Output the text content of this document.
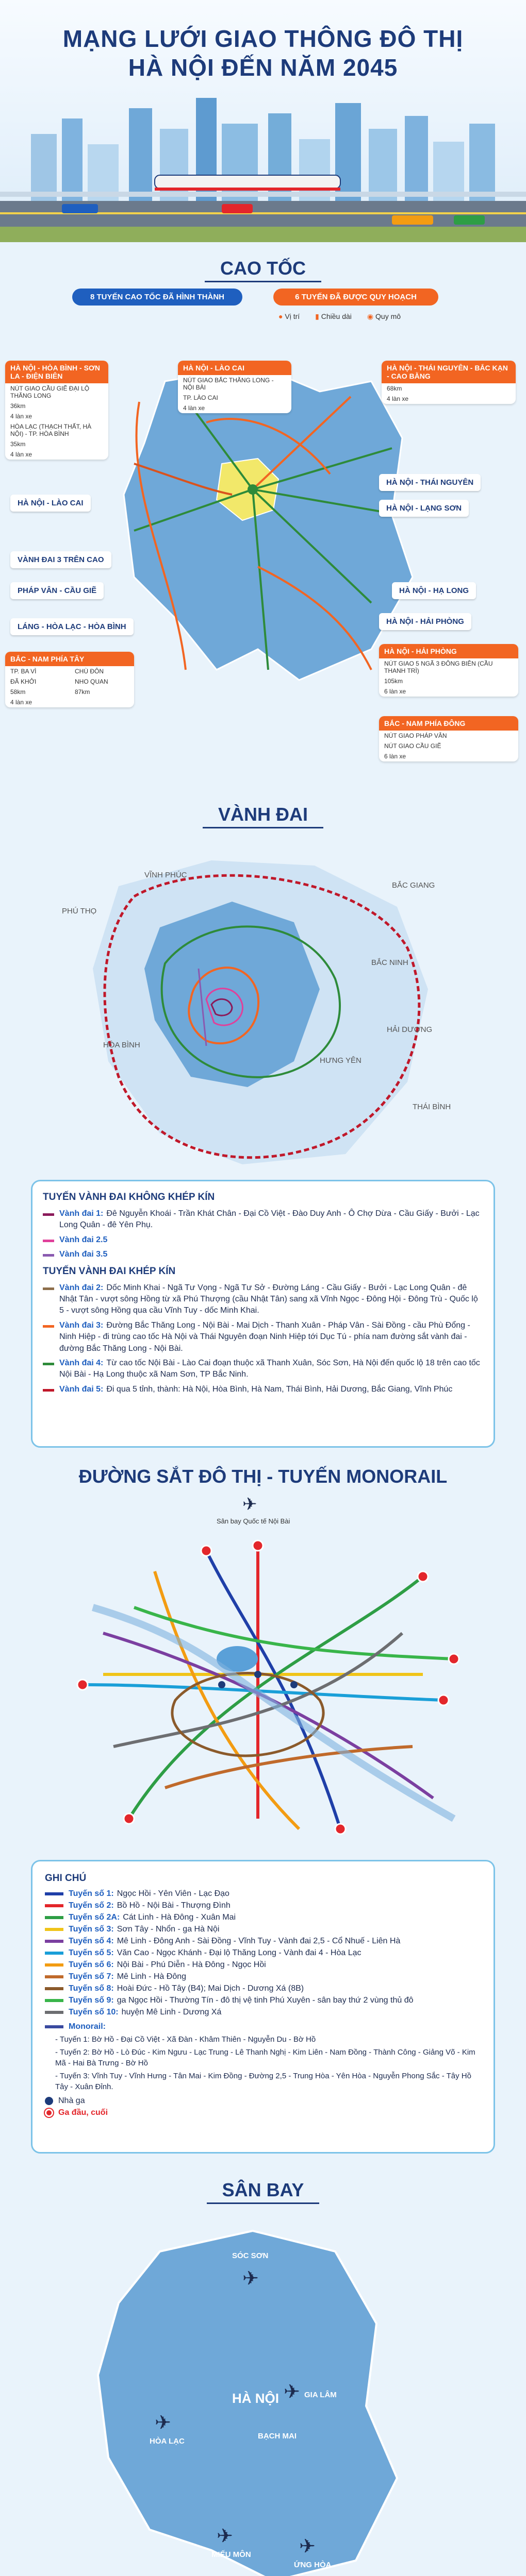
MẠNG LƯỚI GIAO THÔNG ĐÔ THỊ
HÀ NỘI ĐẾN NĂM 2045
CAO TỐC
8 TUYẾN CAO TỐC ĐÃ HÌNH THÀNH	6 TUYẾN ĐÃ ĐƯỢC QUY HOẠCH
● Vị trí ▮ Chiều dài ◉ Quy mô
HÀ NỘI - HÒA BÌNH - SƠN LA - ĐIỆN BIÊN
NÚT GIAO CẦU GIẼ ĐẠI LỘ THĂNG LONG
36km
4 làn xe
HÒA LẠC (THẠCH THẤT, HÀ NỘI) - TP. HÒA BÌNH
35km
4 làn xe
HÀ NỘI - LÀO CAI
NÚT GIAO BẮC THĂNG LONG - NỘI BÀI
TP. LÀO CAI
4 làn xe
HÀ NỘI - THÁI NGUYÊN - BẮC KẠN - CAO BẰNG
68km
4 làn xe
HÀ NỘI - LÀO CAI
VÀNH ĐAI 3 TRÊN CAO
PHÁP VÂN - CẦU GIẼ
LÁNG - HÒA LẠC - HÒA BÌNH
HÀ NỘI - THÁI NGUYÊN
HÀ NỘI - LẠNG SƠN
HÀ NỘI - HẠ LONG
HÀ NỘI - HẢI PHÒNG
HÀ NỘI - HẢI PHÒNG
NÚT GIAO 5 NGÃ 3 ĐÔNG BIÊN (CẦU THANH TRÌ)
105km
6 làn xe
BẮC - NAM PHÍA TÂY
TP. BA VÌ
ĐÃ KHỞI
58km
CHÙ ĐÔN
NHO QUAN
87km
4 làn xe
BẮC - NAM PHÍA ĐÔNG
NÚT GIAO PHÁP VÂN
NÚT GIAO CẦU GIẼ
6 làn xe
VÀNH ĐAI
VĨNH PHÚC
PHÚ THỌ
BẮC GIANG
BẮC NINH
HÒA BÌNH
HẢI DƯƠNG
HƯNG YÊN
THÁI BÌNH
TUYẾN VÀNH ĐAI KHÔNG KHÉP KÍN
Vành đai 1: Đê Nguyễn Khoái - Trần Khát Chân - Đại Cồ Việt - Đào Duy Anh - Ô Chợ Dừa - Cầu Giấy - Bưởi - Lạc Long Quân - đê Yên Phụ.
Vành đai 2.5
Vành đai 3.5
TUYẾN VÀNH ĐAI KHÉP KÍN
Vành đai 2: Dốc Minh Khai - Ngã Tư Vọng - Ngã Tư Sở - Đường Láng - Cầu Giấy - Bưởi - Lạc Long Quân - đê Nhật Tân - vượt sông Hồng từ xã Phú Thượng (cầu Nhật Tân) sang xã Vĩnh Ngọc - Đông Hội - Đông Trù - Quốc lộ 5 - vượt sông Hồng qua cầu Vĩnh Tuy - dốc Minh Khai.
Vành đai 3: Đường Bắc Thăng Long - Nội Bài - Mai Dịch - Thanh Xuân - Pháp Vân - Sài Đồng - cầu Phù Đổng - Ninh Hiệp - đi trùng cao tốc Hà Nội và Thái Nguyên đoạn Ninh Hiệp tới Dục Tú - phía nam đường sắt vành đai - đường Bắc Thăng Long - Nội Bài.
Vành đai 4: Từ cao tốc Nội Bài - Lào Cai đoạn thuộc xã Thanh Xuân, Sóc Sơn, Hà Nội đến quốc lộ 18 trên cao tốc Nội Bài - Hạ Long thuộc xã Nam Sơn, TP Bắc Ninh.
Vành đai 5: Đi qua 5 tỉnh, thành: Hà Nội, Hòa Bình, Hà Nam, Thái Bình, Hải Dương, Bắc Giang, Vĩnh Phúc
ĐƯỜNG SẮT ĐÔ THỊ - TUYẾN MONORAIL
✈
Sân bay Quốc tế Nội Bài
GHI CHÚ
Tuyến số 1: Ngọc Hồi - Yên Viên - Lạc Đạo
Tuyến số 2: Bồ Hồ - Nội Bài - Thượng Đình
Tuyến số 2A: Cát Linh - Hà Đông - Xuân Mai
Tuyến số 3: Sơn Tây - Nhổn - ga Hà Nội
Tuyến số 4: Mê Linh - Đông Anh - Sài Đồng - Vĩnh Tuy - Vành đai 2,5 - Cổ Nhuế - Liên Hà
Tuyến số 5: Văn Cao - Ngọc Khánh - Đại lộ Thăng Long - Vành đai 4 - Hòa Lạc
Tuyến số 6: Nội Bài - Phú Diễn - Hà Đông - Ngọc Hồi
Tuyến số 7: Mê Linh - Hà Đông
Tuyến số 8: Hoài Đức - Hồ Tây (B4); Mai Dịch - Dương Xá (8B)
Tuyến số 9: ga Ngọc Hồi - Thường Tín - đô thị vệ tinh Phú Xuyên - sân bay thứ 2 vùng thủ đô
Tuyến số 10: huyện Mê Linh - Dương Xá
Monorail:
- Tuyến 1: Bờ Hồ - Đại Cồ Việt - Xã Đàn - Khâm Thiên - Nguyễn Du - Bờ Hồ
- Tuyến 2: Bờ Hồ - Lò Đúc - Kim Ngưu - Lạc Trung - Lê Thanh Nghị - Kim Liên - Nam Đồng - Thành Công - Giảng Võ - Kim Mã - Hai Bà Trưng - Bờ Hồ
- Tuyến 3: Vĩnh Tuy - Vĩnh Hưng - Tân Mai - Kim Đồng - Đường 2,5 - Trung Hòa - Yên Hòa - Nguyễn Phong Sắc - Tây Hồ Tây - Xuân Đỉnh.
Nhà ga
Ga đầu, cuối
SÂN BAY
✈
SÓC SƠN
HÀ NỘI
✈
HÒA LẠC
✈ GIA LÂM
BẠCH MAI
✈
MIẾU MÔN ✈
ỨNG HÒA
